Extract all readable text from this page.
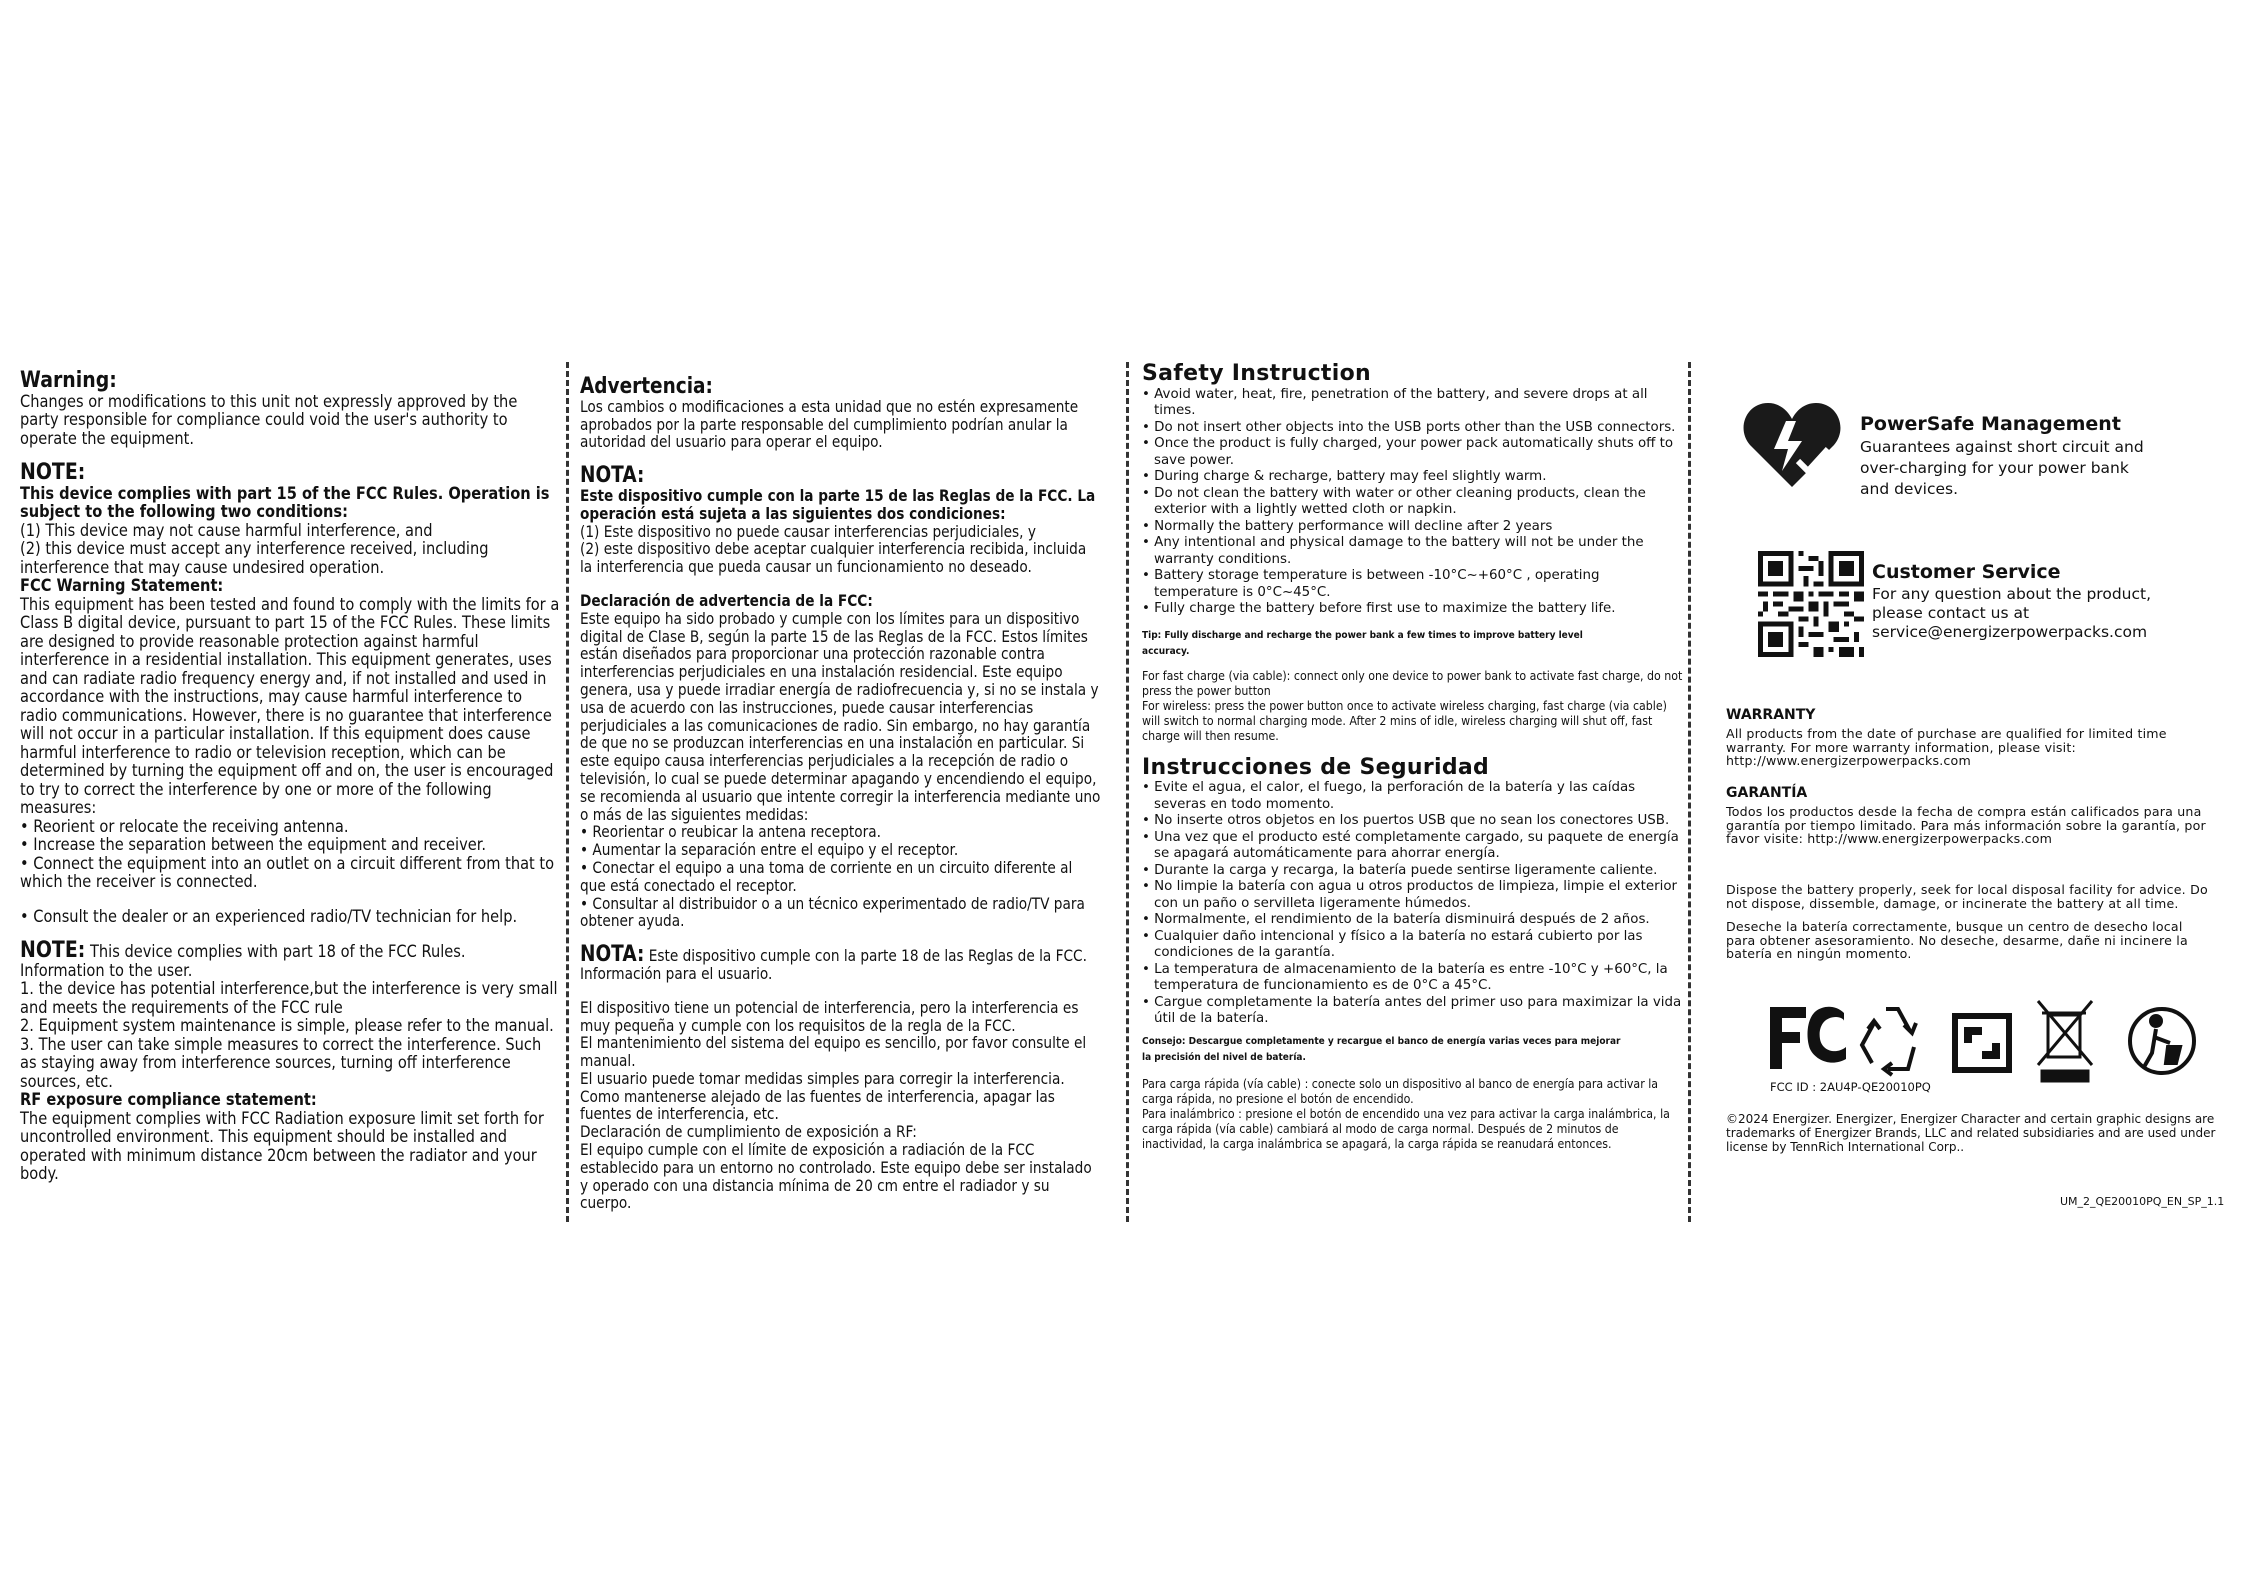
Warning:

Changes or modifications to this unit not expressly approved by the party responsible for compliance could void the user's authority to operate the equipment.

NOTE:

This device complies with part 15 of the FCC Rules. Operation is subject to the following two conditions:

(1) This device may not cause harmful interference, and

(2) this device must accept any interference received, including interference that may cause undesired operation.

FCC Warning Statement:

This equipment has been tested and found to comply with the limits for a Class B digital device, pursuant to part 15 of the FCC Rules. These limits are designed to provide reasonable protection against harmful interference in a residential installation. This equipment generates, uses and can radiate radio frequency energy and, if not installed and used in accordance with the instructions, may cause harmful interference to radio communications. However, there is no guarantee that interference will not occur in a particular installation. If this equipment does cause harmful interference to radio or television reception, which can be determined by turning the equipment off and on, the user is encouraged to try to correct the interference by one or more of the following measures:

• Reorient or relocate the receiving antenna.

• Increase the separation between the equipment and receiver.

• Connect the equipment into an outlet on a circuit different from that to which the receiver is connected.

• Consult the dealer or an experienced radio/TV technician for help.

NOTE: This device complies with part 18 of the FCC Rules.

Information to the user.

1. the device has potential interference,but the interference is very small and meets the requirements of the FCC rule

2. Equipment system maintenance is simple, please refer to the manual.

3. The user can take simple measures to correct the interference. Such as staying away from interference sources, turning off interference sources, etc.

RF exposure compliance statement:

The equipment complies with FCC Radiation exposure limit set forth for uncontrolled environment. This equipment should be installed and operated with minimum distance 20cm between the radiator and your body.

Advertencia:

Los cambios o modificaciones a esta unidad que no estén expresamente aprobados por la parte responsable del cumplimiento podrían anular la autoridad del usuario para operar el equipo.

NOTA:

Este dispositivo cumple con la parte 15 de las Reglas de la FCC. La operación está sujeta a las siguientes dos condiciones:

(1) Este dispositivo no puede causar interferencias perjudiciales, y

(2) este dispositivo debe aceptar cualquier interferencia recibida, incluida la interferencia que pueda causar un funcionamiento no deseado.

Declaración de advertencia de la FCC:

Este equipo ha sido probado y cumple con los límites para un dispositivo digital de Clase B, según la parte 15 de las Reglas de la FCC. Estos límites están diseñados para proporcionar una protección razonable contra interferencias perjudiciales en una instalación residencial. Este equipo genera, usa y puede irradiar energía de radiofrecuencia y, si no se instala y usa de acuerdo con las instrucciones, puede causar interferencias perjudiciales a las comunicaciones de radio. Sin embargo, no hay garantía de que no se produzcan interferencias en una instalación en particular. Si este equipo causa interferencias perjudiciales a la recepción de radio o televisión, lo cual se puede determinar apagando y encendiendo el equipo, se recomienda al usuario que intente corregir la interferencia mediante uno o más de las siguientes medidas:

• Reorientar o reubicar la antena receptora.

• Aumentar la separación entre el equipo y el receptor.

• Conectar el equipo a una toma de corriente en un circuito diferente al que está conectado el receptor.

• Consultar al distribuidor o a un técnico experimentado de radio/TV para obtener ayuda.

NOTA: Este dispositivo cumple con la parte 18 de las Reglas de la FCC.

Información para el usuario.

El dispositivo tiene un potencial de interferencia, pero la interferencia es muy pequeña y cumple con los requisitos de la regla de la FCC.

El mantenimiento del sistema del equipo es sencillo, por favor consulte el manual.

El usuario puede tomar medidas simples para corregir la interferencia. Como mantenerse alejado de las fuentes de interferencia, apagar las fuentes de interferencia, etc.

Declaración de cumplimiento de exposición a RF:

El equipo cumple con el límite de exposición a radiación de la FCC establecido para un entorno no controlado. Este equipo debe ser instalado y operado con una distancia mínima de 20 cm entre el radiador y su cuerpo.

Safety Instruction

• Avoid water, heat, fire, penetration of the battery, and severe drops at all times.

• Do not insert other objects into the USB ports other than the USB connectors.

• Once the product is fully charged, your power pack automatically shuts off to save power.

• During charge & recharge, battery may feel slightly warm.

• Do not clean the battery with water or other cleaning products, clean the exterior with a lightly wetted cloth or napkin.

• Normally the battery performance will decline after 2 years

• Any intentional and physical damage to the battery will not be under the warranty conditions.

• Battery storage temperature is between -10°C~+60°C , operating temperature is 0°C~45°C.

• Fully charge the battery before first use to maximize the battery life.

Tip: Fully discharge and recharge the power bank a few times to improve battery level accuracy.

For fast charge (via cable): connect only one device to power bank to activate fast charge, do not press the power button

For wireless: press the power button once to activate wireless charging, fast charge (via cable) will switch to normal charging mode. After 2 mins of idle, wireless charging will shut off, fast charge will then resume.

Instrucciones de Seguridad

• Evite el agua, el calor, el fuego, la perforación de la batería y las caídas severas en todo momento.

• No inserte otros objetos en los puertos USB que no sean los conectores USB.

• Una vez que el producto esté completamente cargado, su paquete de energía se apagará automáticamente para ahorrar energía.

• Durante la carga y recarga, la batería puede sentirse ligeramente caliente.

• No limpie la batería con agua u otros productos de limpieza, limpie el exterior con un paño o servilleta ligeramente húmedos.

• Normalmente, el rendimiento de la batería disminuirá después de 2 años.

• Cualquier daño intencional y físico a la batería no estará cubierto por las condiciones de la garantía.

• La temperatura de almacenamiento de la batería es entre -10°C y +60°C, la temperatura de funcionamiento es de 0°C a 45°C.

• Cargue completamente la batería antes del primer uso para maximizar la vida útil de la batería.

Consejo: Descargue completamente y recargue el banco de energía varias veces para mejorar la precisión del nivel de batería.

Para carga rápida (vía cable) : conecte solo un dispositivo al banco de energía para activar la carga rápida, no presione el botón de encendido.

Para inalámbrico : presione el botón de encendido una vez para activar la carga inalámbrica, la carga rápida (vía cable) cambiará al modo de carga normal. Después de 2 minutos de inactividad, la carga inalámbrica se apagará, la carga rápida se reanudará entonces.

PowerSafe Management

Guarantees against short circuit and over-charging for your power bank and devices.

Customer Service

For any question about the product, please contact us at service@energizerpowerpacks.com

WARRANTY

All products from the date of purchase are qualified for limited time warranty. For more warranty information, please visit: http://www.energizerpowerpacks.com

GARANTÍA

Todos los productos desde la fecha de compra están calificados para una garantía por tiempo limitado. Para más información sobre la garantía, por favor visite: http://www.energizerpowerpacks.com

Dispose the battery properly, seek for local disposal facility for advice. Do not dispose, dissemble, damage, or incinerate the battery at all time.

Deseche la batería correctamente, busque un centro de desecho local para obtener asesoramiento. No deseche, desarme, dañe ni incinere la batería en ningún momento.

FCC ID : 2AU4P-QE20010PQ

©2024 Energizer. Energizer, Energizer Character and certain graphic designs are trademarks of Energizer Brands, LLC and related subsidiaries and are used under license by TennRich International Corp..

UM_2_QE20010PQ_EN_SP_1.1
